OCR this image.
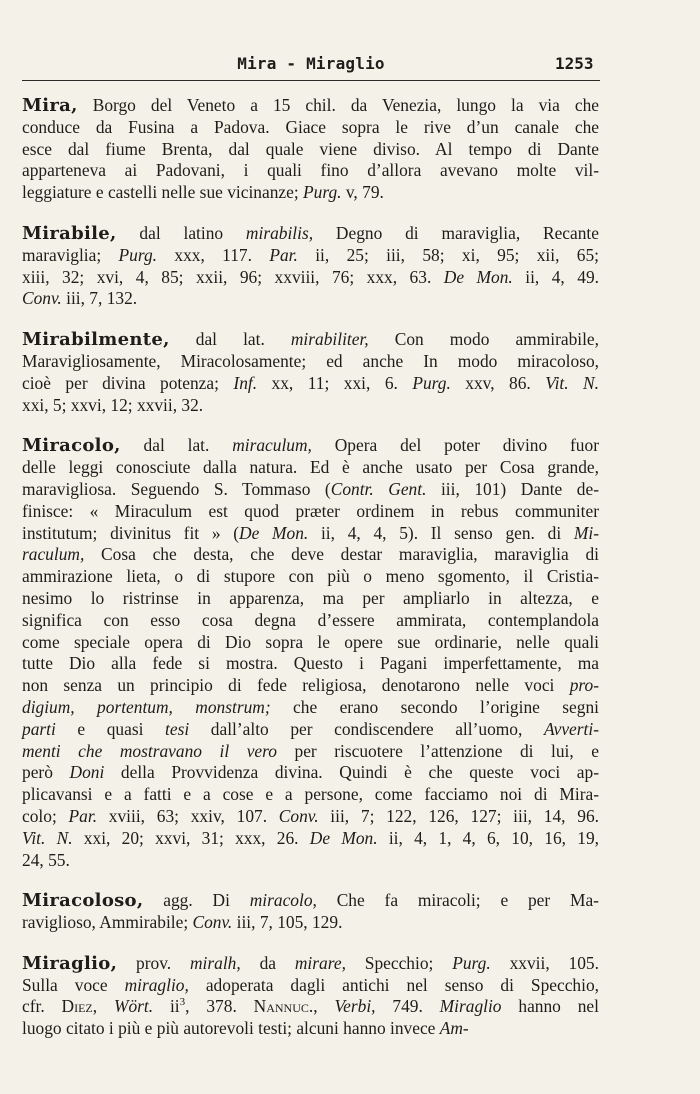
Mira - Miraglio	1253
Mira, Borgo del Veneto a 15 chil. da Venezia, lungo la via che
conduce da Fusina a Padova. Giace sopra le rive d’un canale che
esce dal fiume Brenta, dal quale viene diviso. Al tempo di Dante
apparteneva ai Padovani, i quali fino d’allora avevano molte vil-
leggiature e castelli nelle sue vicinanze; Purg. v, 79.
Mirabile, dal latino mirabilis, Degno di maraviglia, Recante
maraviglia; Purg. xxx, 117. Par. ii, 25; iii, 58; xi, 95; xii, 65;
xiii, 32; xvi, 4, 85; xxii, 96; xxviii, 76; xxx, 63. De Mon. ii, 4, 49.
Conv. iii, 7, 132.
Mirabilmente, dal lat. mirabiliter, Con modo ammirabile,
Maravigliosamente, Miracolosamente; ed anche In modo miracoloso,
cioè per divina potenza; Inf. xx, 11; xxi, 6. Purg. xxv, 86. Vit. N.
xxi, 5; xxvi, 12; xxvii, 32.
Miracolo, dal lat. miraculum, Opera del poter divino fuor
delle leggi conosciute dalla natura. Ed è anche usato per Cosa grande,
maravigliosa. Seguendo S. Tommaso (Contr. Gent. iii, 101) Dante de-
finisce: « Miraculum est quod præter ordinem in rebus communiter
institutum; divinitus fit » (De Mon. ii, 4, 4, 5). Il senso gen. di Mi-
raculum, Cosa che desta, che deve destar maraviglia, maraviglia di
ammirazione lieta, o di stupore con più o meno sgomento, il Cristia-
nesimo lo ristrinse in apparenza, ma per ampliarlo in altezza, e
significa con esso cosa degna d’essere ammirata, contemplandola
come speciale opera di Dio sopra le opere sue ordinarie, nelle quali
tutte Dio alla fede si mostra. Questo i Pagani imperfettamente, ma
non senza un principio di fede religiosa, denotarono nelle voci pro-
digium, portentum, monstrum; che erano secondo l’origine segni
parti e quasi tesi dall’alto per condiscendere all’uomo, Avverti-
menti che mostravano il vero per riscuotere l’attenzione di lui, e
però Doni della Provvidenza divina. Quindi è che queste voci ap-
plicavansi e a fatti e a cose e a persone, come facciamo noi di Mira-
colo; Par. xviii, 63; xxiv, 107. Conv. iii, 7; 122, 126, 127; iii, 14, 96.
Vit. N. xxi, 20; xxvi, 31; xxx, 26. De Mon. ii, 4, 1, 4, 6, 10, 16, 19,
24, 55.
Miracoloso, agg. Di miracolo, Che fa miracoli; e per Ma-
raviglioso, Ammirabile; Conv. iii, 7, 105, 129.
Miraglio, prov. miralh, da mirare, Specchio; Purg. xxvii, 105.
Sulla voce miraglio, adoperata dagli antichi nel senso di Specchio,
cfr. Diez, Wört. $ii^3$, 378. Nannuc., Verbi, 749. Miraglio hanno nel
luogo citato i più e più autorevoli testi; alcuni hanno invece Am-
